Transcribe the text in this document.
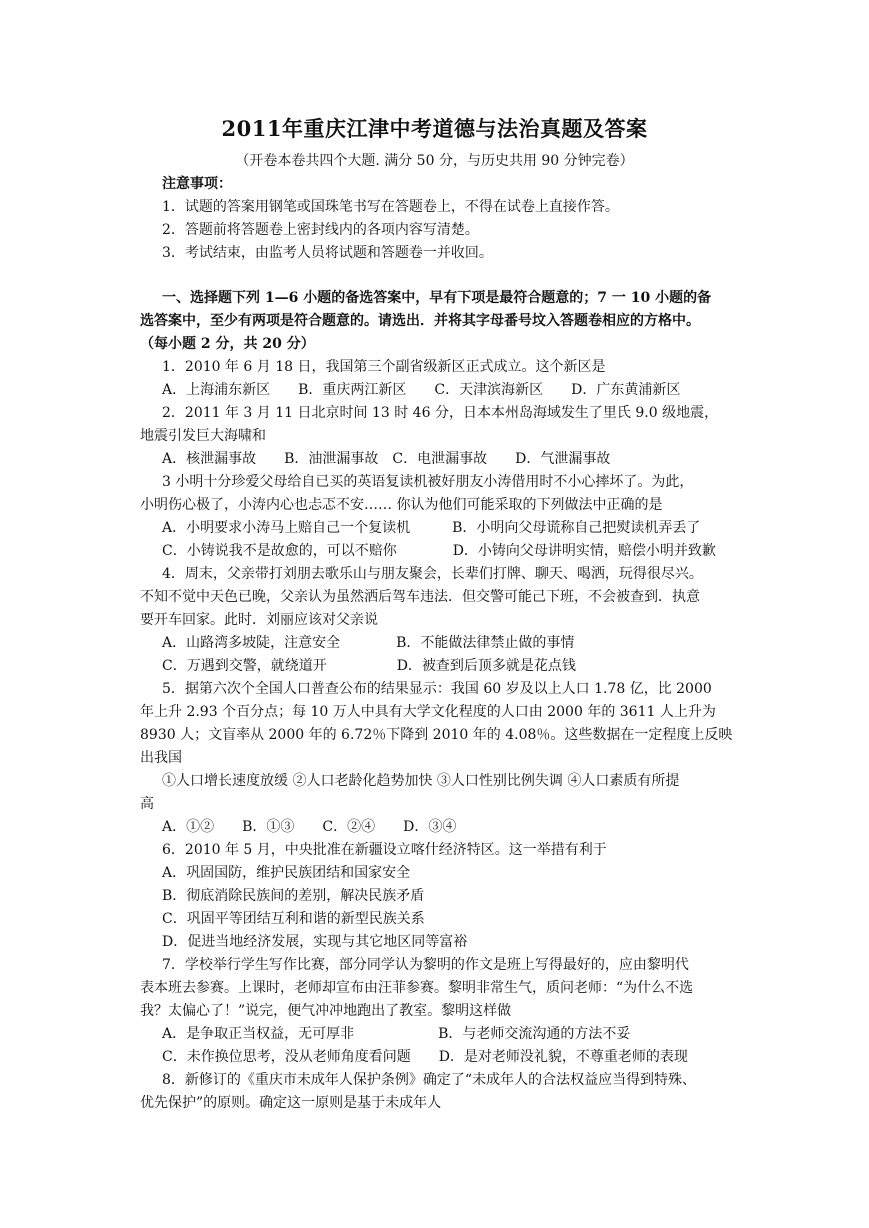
2011年重庆江津中考道德与法治真题及答案
（开卷本卷共四个大题. 满分 50 分，与历史共用 90 分钟完卷）
注意事项：
1．试题的答案用钢笔或国珠笔书写在答题卷上，不得在试卷上直接作答。
2．答题前将答题卷上密封线内的各项内容写清楚。
3．考试结束，由监考人员将试题和答题卷一并收回。
一、选择题下列 1—6 小题的备选答案中，早有下项是最符合题意的；7 一 10 小题的备
选答案中，至少有两项是符合题意的。请选出．并将其字母番号坟入答题卷相应的方格中。
（每小题 2 分，共 20 分）
1．2010 年 6 月 18 日，我国第三个副省级新区正式成立。这个新区是
A．上海浦东新区　　B．重庆两江新区　　C．天津滨海新区　　D．广东黄浦新区
2．2011 年 3 月 11 日北京时间 13 时 46 分，日本本州岛海域发生了里氏 9.0 级地震，
地震引发巨大海啸和
A．核泄漏事故　　B．油泄漏事故　C．电泄漏事故　　D．气泄漏事故
3 小明十分珍爱父母给自已买的英语复读机被好朋友小涛借用时不小心摔坏了。为此，
小明伤心极了，小涛内心也忐忑不安…… 你认为他们可能采取的下列做法中正确的是
A．小明要求小涛马上赔自己一个复读机　　　B．小明向父母谎称自己把熨读机弄丢了
C．小铸说我不是故愈的，可以不赔你　　　　D．小铸向父母讲明实情，赔偿小明并致歉
4．周末，父亲带打刘朋去歌乐山与朋友聚会，长辈们打牌、聊天、喝洒，玩得很尽兴。
不知不觉中天色已晚，父亲认为虽然洒后驾车违法．但交警可能己下班，不会被查到．执意
要开车回家。此时．刘丽应该对父亲说
A．山路湾多坡陡，注意安全　　　　B．不能做法律禁止做的事情
C．万遇到交警，就绕道开　　　　　D．被查到后顶多就是花点钱
5．据第六次个全国人口普查公布的结果显示：我国 60 岁及以上人口 1.78 亿，比 2000
年上升 2.93 个百分点；每 10 万人中具有大学文化程度的人口由 2000 年的 3611 人上升为
8930 人；文盲率从 2000 年的 6.72％下降到 2010 年的 4.08％。这些数据在一定程度上反映
出我国
①人口增长速度放缓 ②人口老龄化趋势加快 ③人口性别比例失调 ④人口素质有所提
高
A．①②　　B．①③　　C．②④　　D．③④
6．2010 年 5 月，中央批准在新疆设立喀什经济特区。这一举措有利于
A．巩固国防，维护民族团结和国家安全
B．彻底消除民族间的差别，解决民族矛盾
C．巩固平等团结互利和谐的新型民族关系
D．促进当地经济发展，实现与其它地区同等富裕
7．学校举行学生写作比赛，部分同学认为黎明的作文是班上写得最好的，应由黎明代
表本班去参赛。上课时，老师却宣布由汪菲参赛。黎明非常生气，质问老师：“为什么不选
我？太偏心了！”说完，便气冲冲地跑出了教室。黎明这样做
A．是争取正当权益，无可厚非　　　　　　B．与老师交流沟通的方法不妥
C．未作换位思考，没从老师角度看问题　　D．是对老师没礼貌，不尊重老师的表现
8．新修订的《重庆市未成年人保护条例》确定了“未成年人的合法权益应当得到特殊、
优先保护”的原则。确定这一原则是基于未成年人
